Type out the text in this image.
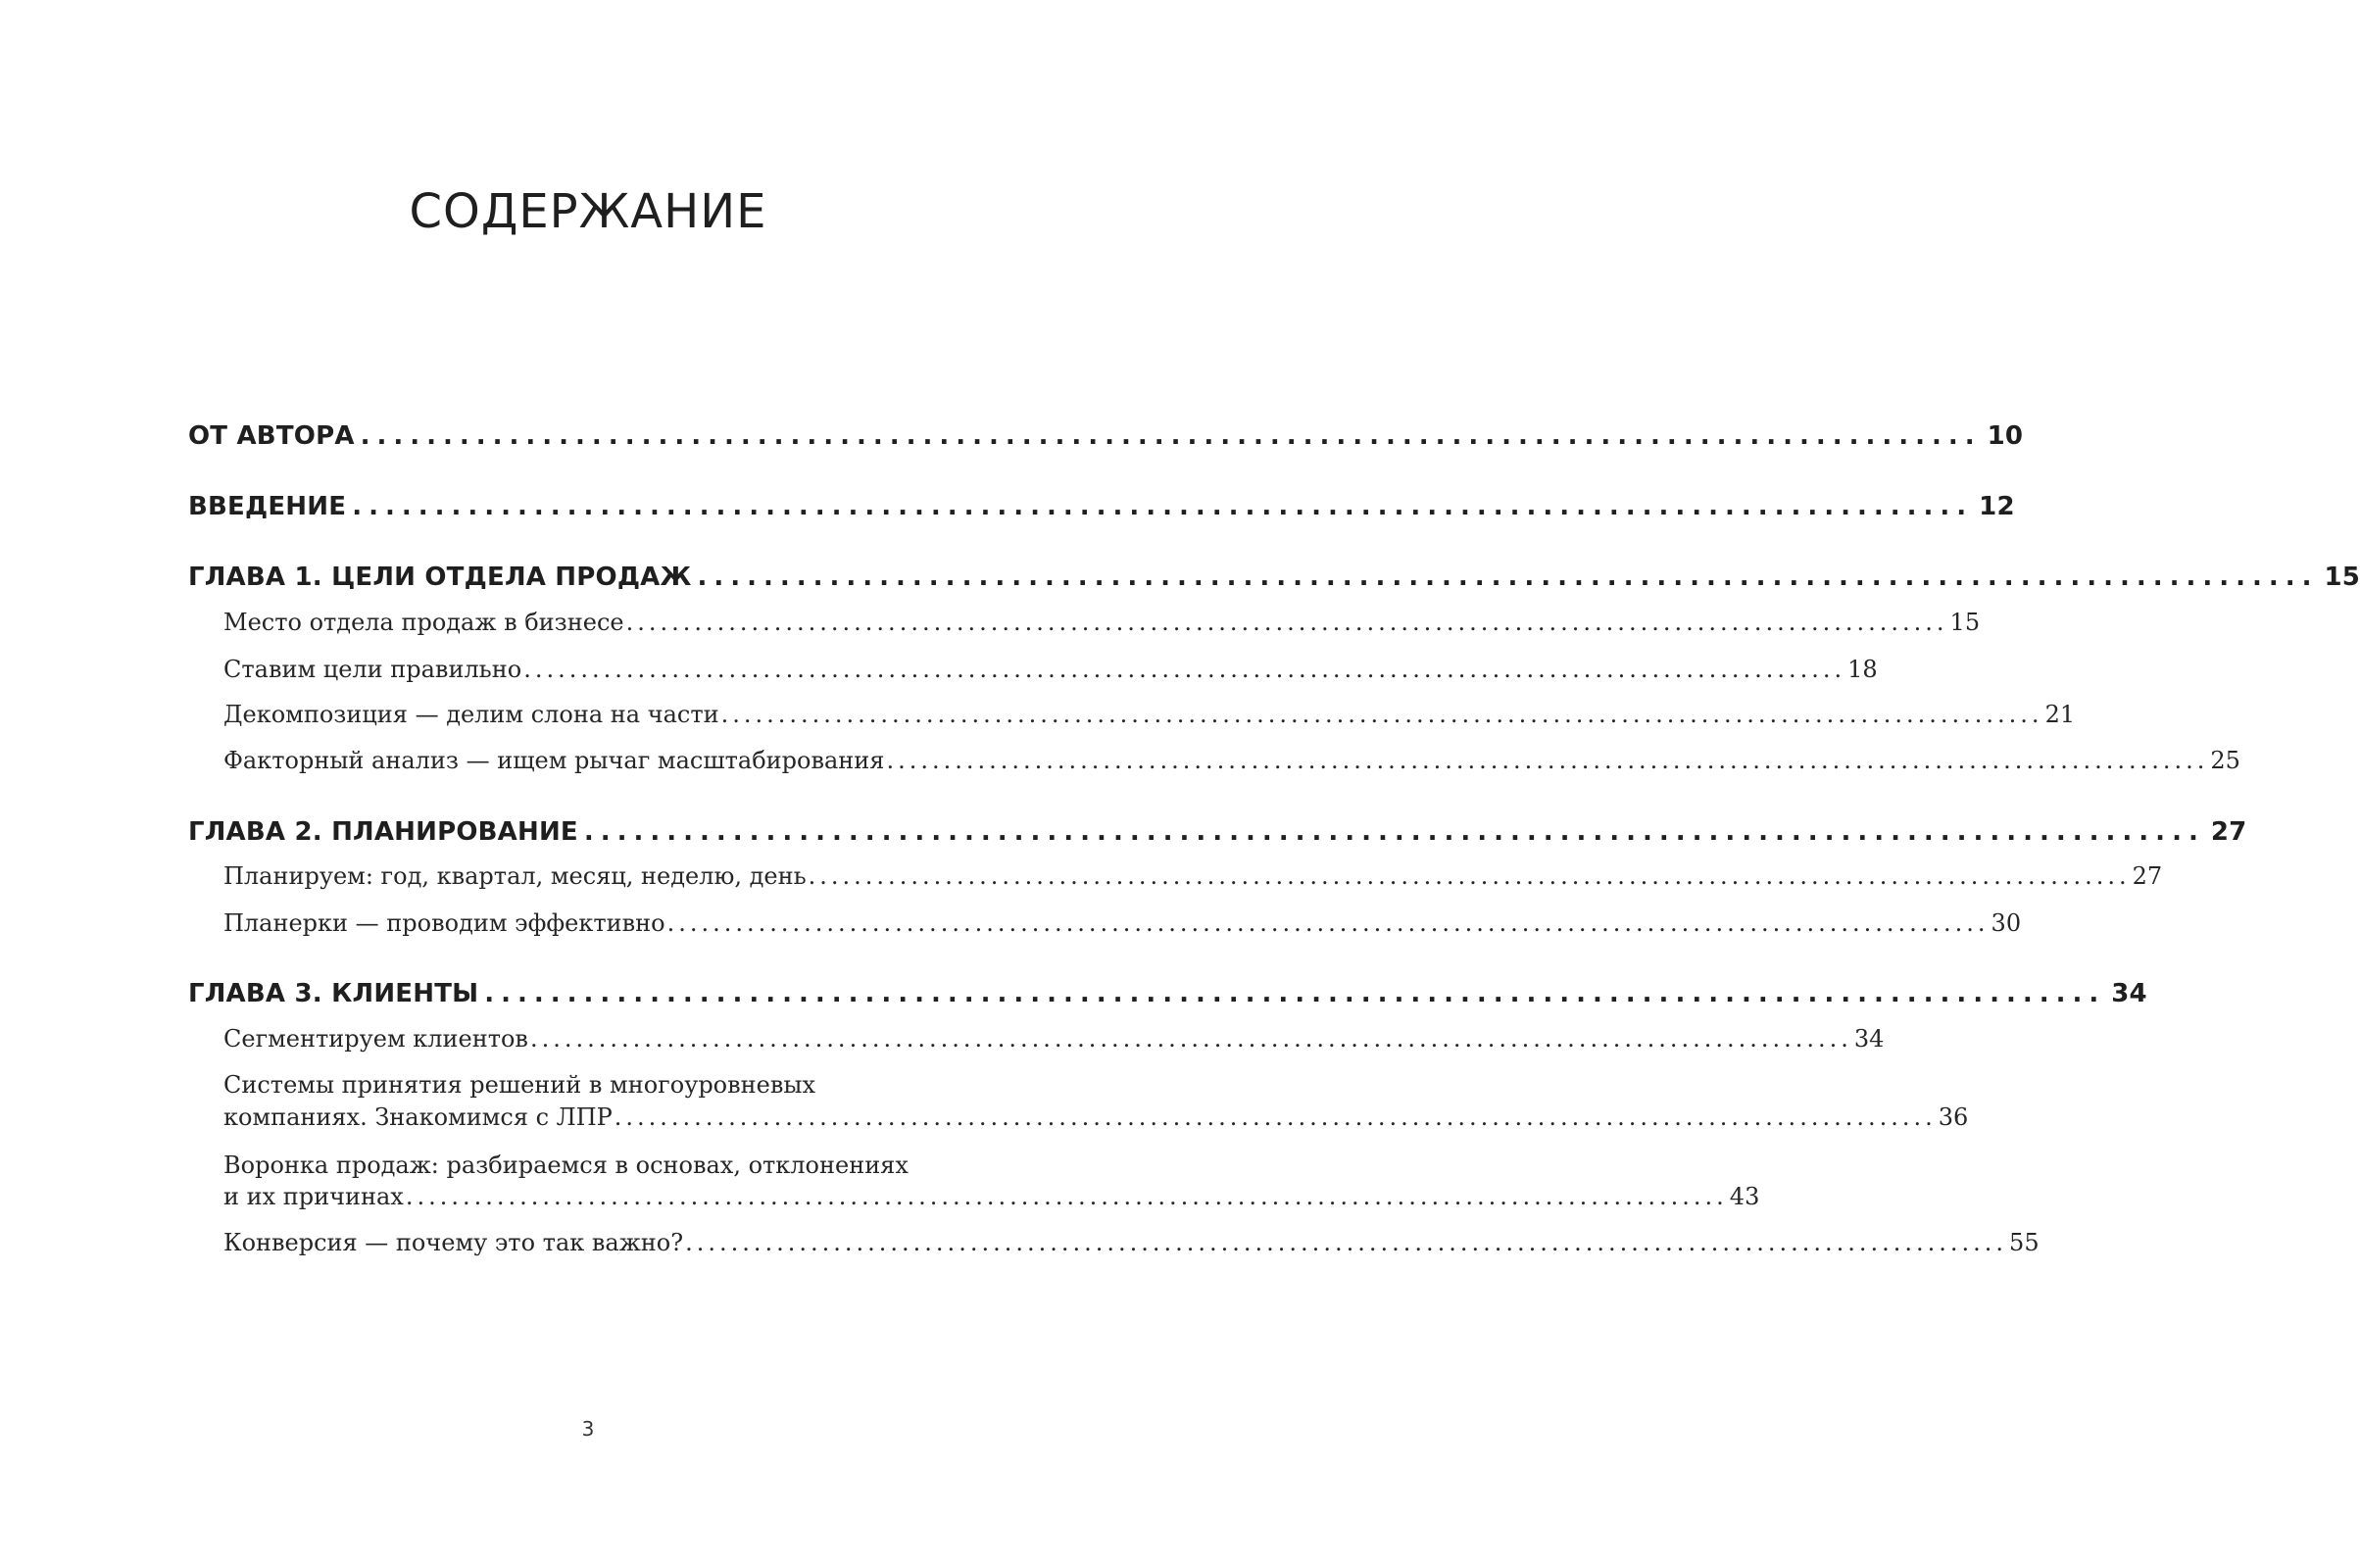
СОДЕРЖАНИЕ
ОТ АВТОРА .................................................................................................. 10
ВВЕДЕНИЕ .................................................................................................. 12
ГЛАВА 1. ЦЕЛИ ОТДЕЛА ПРОДАЖ .................................................................................................. 15
Место отдела продаж в бизнесе .................................................................................................................... 15
Ставим цели правильно .................................................................................................................... 18
Декомпозиция — делим слона на части .................................................................................................................... 21
Факторный анализ — ищем рычаг масштабирования .................................................................................................................... 25
ГЛАВА 2. ПЛАНИРОВАНИЕ .................................................................................................. 27
Планируем: год, квартал, месяц, неделю, день .................................................................................................................... 27
Планерки — проводим эффективно .................................................................................................................... 30
ГЛАВА 3. КЛИЕНТЫ .................................................................................................. 34
Сегментируем клиентов .................................................................................................................... 34
Системы принятия решений в многоуровневых
компаниях. Знакомимся с ЛПР .................................................................................................................... 36
Воронка продаж: разбираемся в основах, отклонениях
и их причинах .................................................................................................................... 43
Конверсия — почему это так важно? .................................................................................................................... 55
3
